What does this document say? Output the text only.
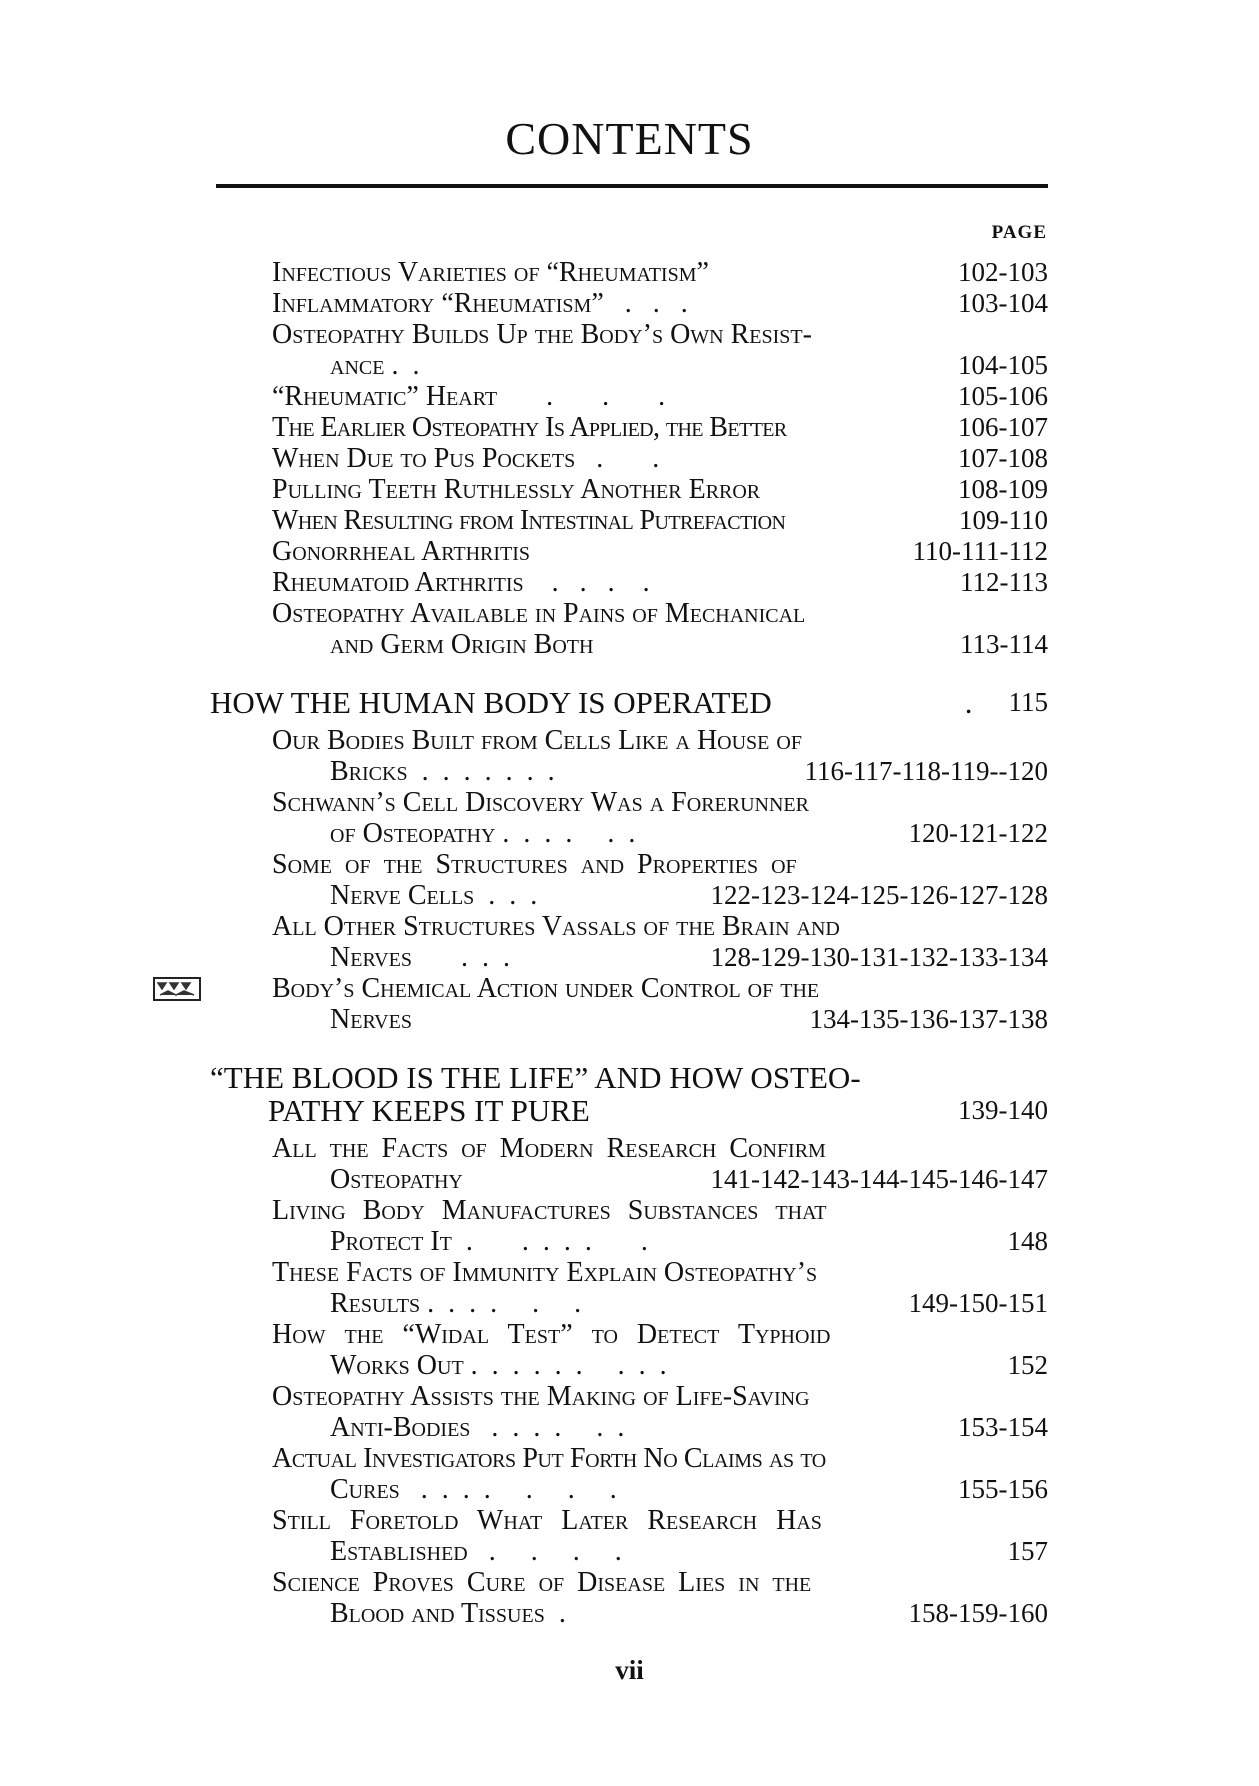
CONTENTS
PAGE
Infectious Varieties of “Rheumatism”	102-103
Inflammatory “Rheumatism”   .   .   .	103-104
Osteopathy Builds Up the Body’s Own Resist-
ance .  .	104-105
“Rheumatic” Heart       .       .       .	105-106
The Earlier Osteopathy Is Applied, the Better	106-107
When Due to Pus Pockets   .       .	107-108
Pulling Teeth Ruthlessly Another Error	108-109
When Resulting from Intestinal Putrefaction	109-110
Gonorrheal Arthritis	110-111-112
Rheumatoid Arthritis    .   .   .    .	112-113
Osteopathy Available in Pains of Mechanical
and Germ Origin Both	113-114
HOW THE HUMAN BODY IS OPERATED	. 115
Our Bodies Built from Cells Like a House of
Bricks  .  .  .  .  .  .  .	116-117-118-119--120
Schwann’s Cell Discovery Was a Forerunner
of Osteopathy .  .  .  .     .  .	120-121-122
Some of the Structures and Properties of
Nerve Cells  .  .  .	122-123-124-125-126-127-128
All Other Structures Vassals of the Brain and
Nerves       .  .  .	128-129-130-131-132-133-134
Body’s Chemical Action under Control of the
Nerves	134-135-136-137-138
“THE BLOOD IS THE LIFE” AND HOW OSTEO-
PATHY KEEPS IT PURE	139-140
All the Facts of Modern Research Confirm
Osteopathy	141-142-143-144-145-146-147
Living Body Manufactures Substances that
Protect It  .       .  .  .  .       .	148
These Facts of Immunity Explain Osteopathy’s
Results .  .  .  .     .     .	149-150-151
How the “Widal Test” to Detect Typhoid
Works Out .  .  .  .  .  .     .  .  .	152
Osteopathy Assists the Making of Life-Saving
Anti-Bodies   .  .  .  .     .  .	153-154
Actual Investigators Put Forth No Claims as to
Cures   .  .  .  .     .     .     .	155-156
Still Foretold What Later Research Has
Established   .     .     .     .	157
Science Proves Cure of Disease Lies in the
Blood and Tissues  .	158-159-160
vii
